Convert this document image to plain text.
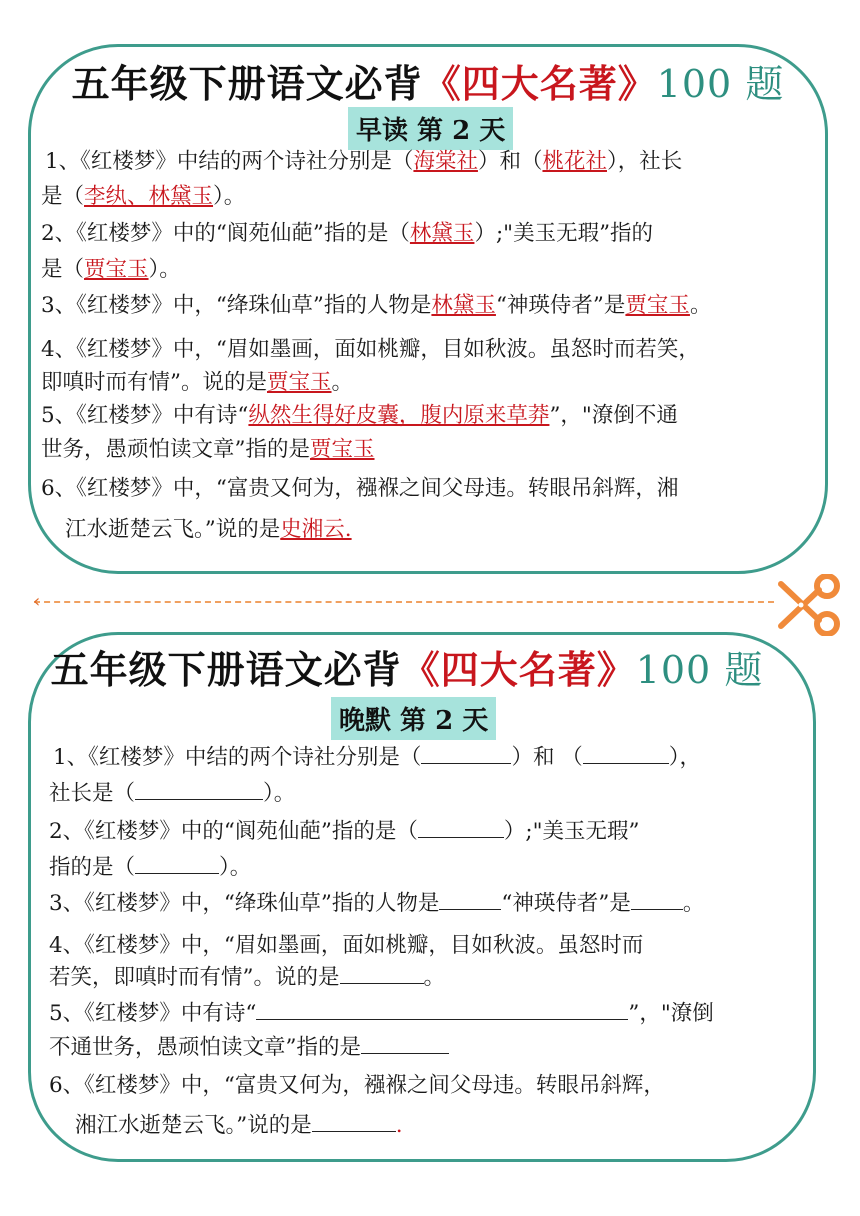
五年级下册语文必背《四大名著》100 题
早读 第 2 天
1、《红楼梦》中结的两个诗社分别是（海棠社）和（桃花社），社长
是（李纨、林黛玉）。
2、《红楼梦》中的“阆苑仙葩”指的是（林黛玉）;"美玉无瑕”指的
是（贾宝玉）。
3、《红楼梦》中，“绛珠仙草”指的人物是林黛玉“神瑛侍者”是贾宝玉。
4、《红楼梦》中，“眉如墨画，面如桃瓣，目如秋波。虽怒时而若笑，
即嗔时而有情”。说的是贾宝玉。
5、《红楼梦》中有诗“纵然生得好皮囊，腹内原来草莽”，"潦倒不通
世务，愚顽怕读文章”指的是贾宝玉
6、《红楼梦》中，“富贵又何为，襁褓之间父母违。转眼吊斜辉，湘
江水逝楚云飞。”说的是史湘云.
‹
五年级下册语文必背《四大名著》100 题
晚默 第 2 天
1、《红楼梦》中结的两个诗社分别是（	）和 （	），
社长是（	）。
2、《红楼梦》中的“阆苑仙葩”指的是（	）;"美玉无瑕”
指的是（	）。
3、《红楼梦》中，“绛珠仙草”指的人物是	“神瑛侍者”是 。
4、《红楼梦》中，“眉如墨画，面如桃瓣，目如秋波。虽怒时而
若笑，即嗔时而有情”。说的是	。
5、《红楼梦》中有诗“	”，"潦倒
不通世务，愚顽怕读文章”指的是
6、《红楼梦》中，“富贵又何为，襁褓之间父母违。转眼吊斜辉，
湘江水逝楚云飞。”说的是	.
